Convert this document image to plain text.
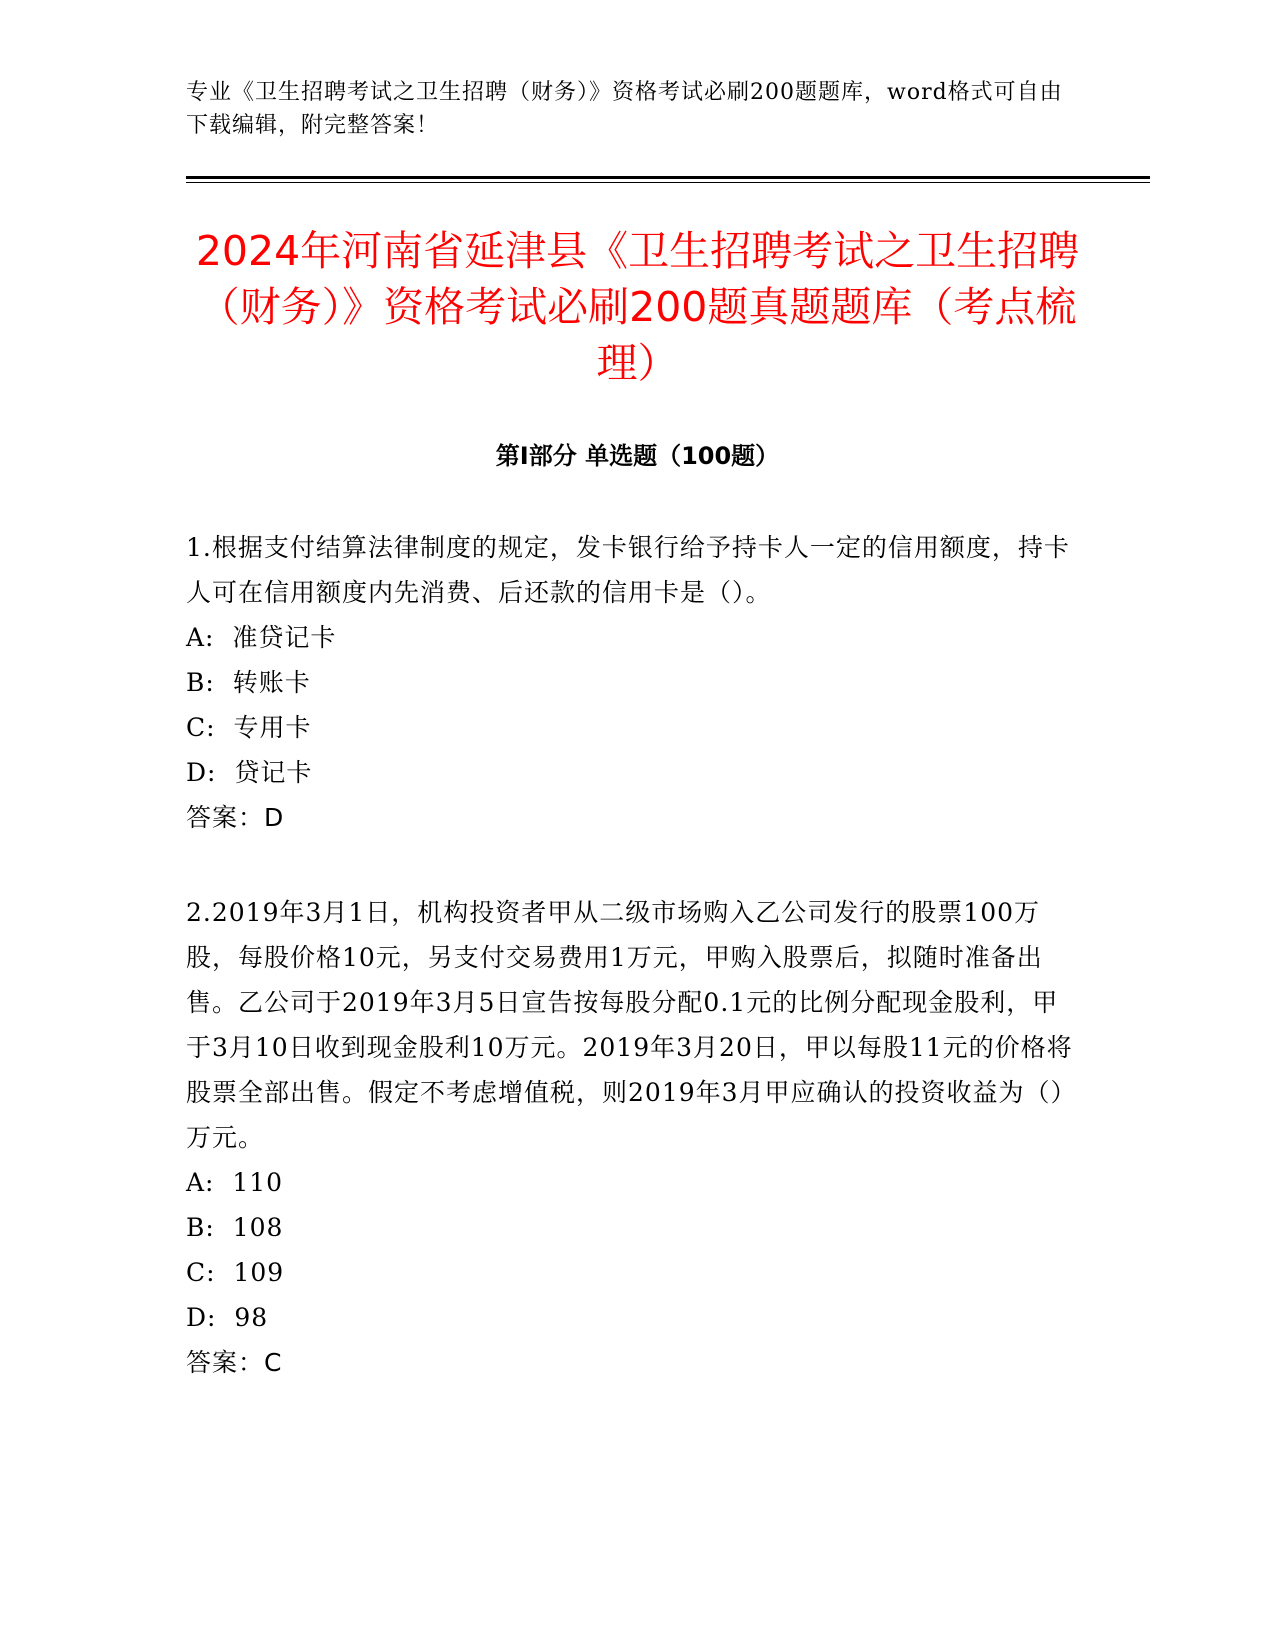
专业《卫生招聘考试之卫生招聘（财务）》资格考试必刷200题题库，word格式可自由下载编辑，附完整答案！
2024年河南省延津县《卫生招聘考试之卫生招聘（财务）》资格考试必刷200题真题题库（考点梳理）
第I部分 单选题（100题）

1.根据支付结算法律制度的规定，发卡银行给予持卡人一定的信用额度，持卡人可在信用额度内先消费、后还款的信用卡是（）。

A:  准贷记卡

B:  转账卡

C:  专用卡

D:  贷记卡

答案：D

2.2019年3月1日，机构投资者甲从二级市场购入乙公司发行的股票100万股，每股价格10元，另支付交易费用1万元，甲购入股票后，拟随时准备出售。乙公司于2019年3月5日宣告按每股分配0.1元的比例分配现金股利，甲于3月10日收到现金股利10万元。2019年3月20日，甲以每股11元的价格将股票全部出售。假定不考虑增值税，则2019年3月甲应确认的投资收益为（）万元。

A:  110

B:  108

C:  109

D:  98

答案：C
